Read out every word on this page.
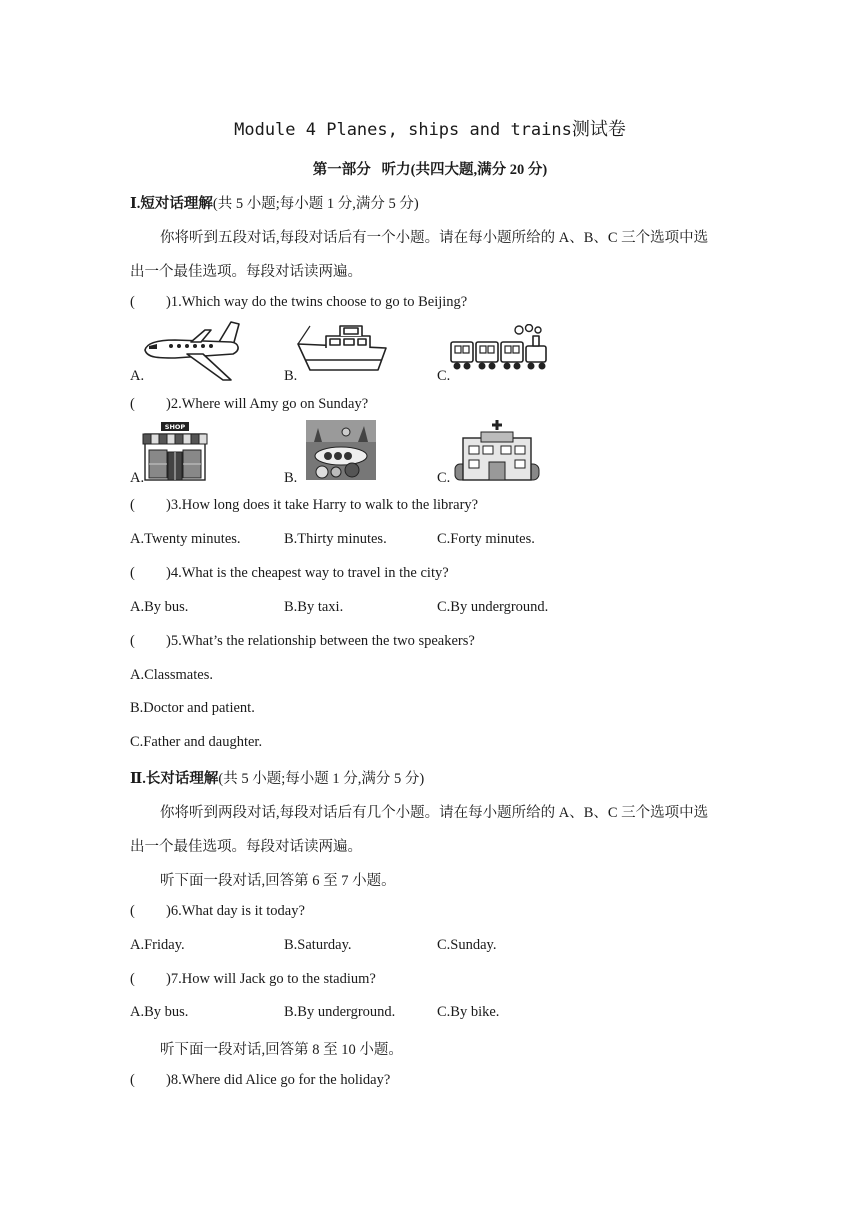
Module 4 Planes, ships and trains测试卷
第一部分 听力(共四大题,满分 20 分)
Ⅰ.短对话理解(共 5 小题;每小题 1 分,满分 5 分)
你将听到五段对话,每段对话后有一个小题。请在每小题所给的 A、B、C 三个选项中选
出一个最佳选项。每段对话读两遍。
( )1.Which way do the twins choose to go to Beijing?
A.	B.	C.
( )2.Where will Amy go on Sunday?
A.	B.	C.
SHOP
( )3.How long does it take Harry to walk to the library?
A.Twenty minutes.	B.Thirty minutes.	C.Forty minutes.
( )4.What is the cheapest way to travel in the city?
A.By bus.	B.By taxi.	C.By underground.
( )5.What’s the relationship between the two speakers?
A.Classmates.
B.Doctor and patient.
C.Father and daughter.
Ⅱ.长对话理解(共 5 小题;每小题 1 分,满分 5 分)
你将听到两段对话,每段对话后有几个小题。请在每小题所给的 A、B、C 三个选项中选
出一个最佳选项。每段对话读两遍。
听下面一段对话,回答第 6 至 7 小题。
( )6.What day is it today?
A.Friday.	B.Saturday.	C.Sunday.
( )7.How will Jack go to the stadium?
A.By bus.	B.By underground.	C.By bike.
听下面一段对话,回答第 8 至 10 小题。
( )8.Where did Alice go for the holiday?
